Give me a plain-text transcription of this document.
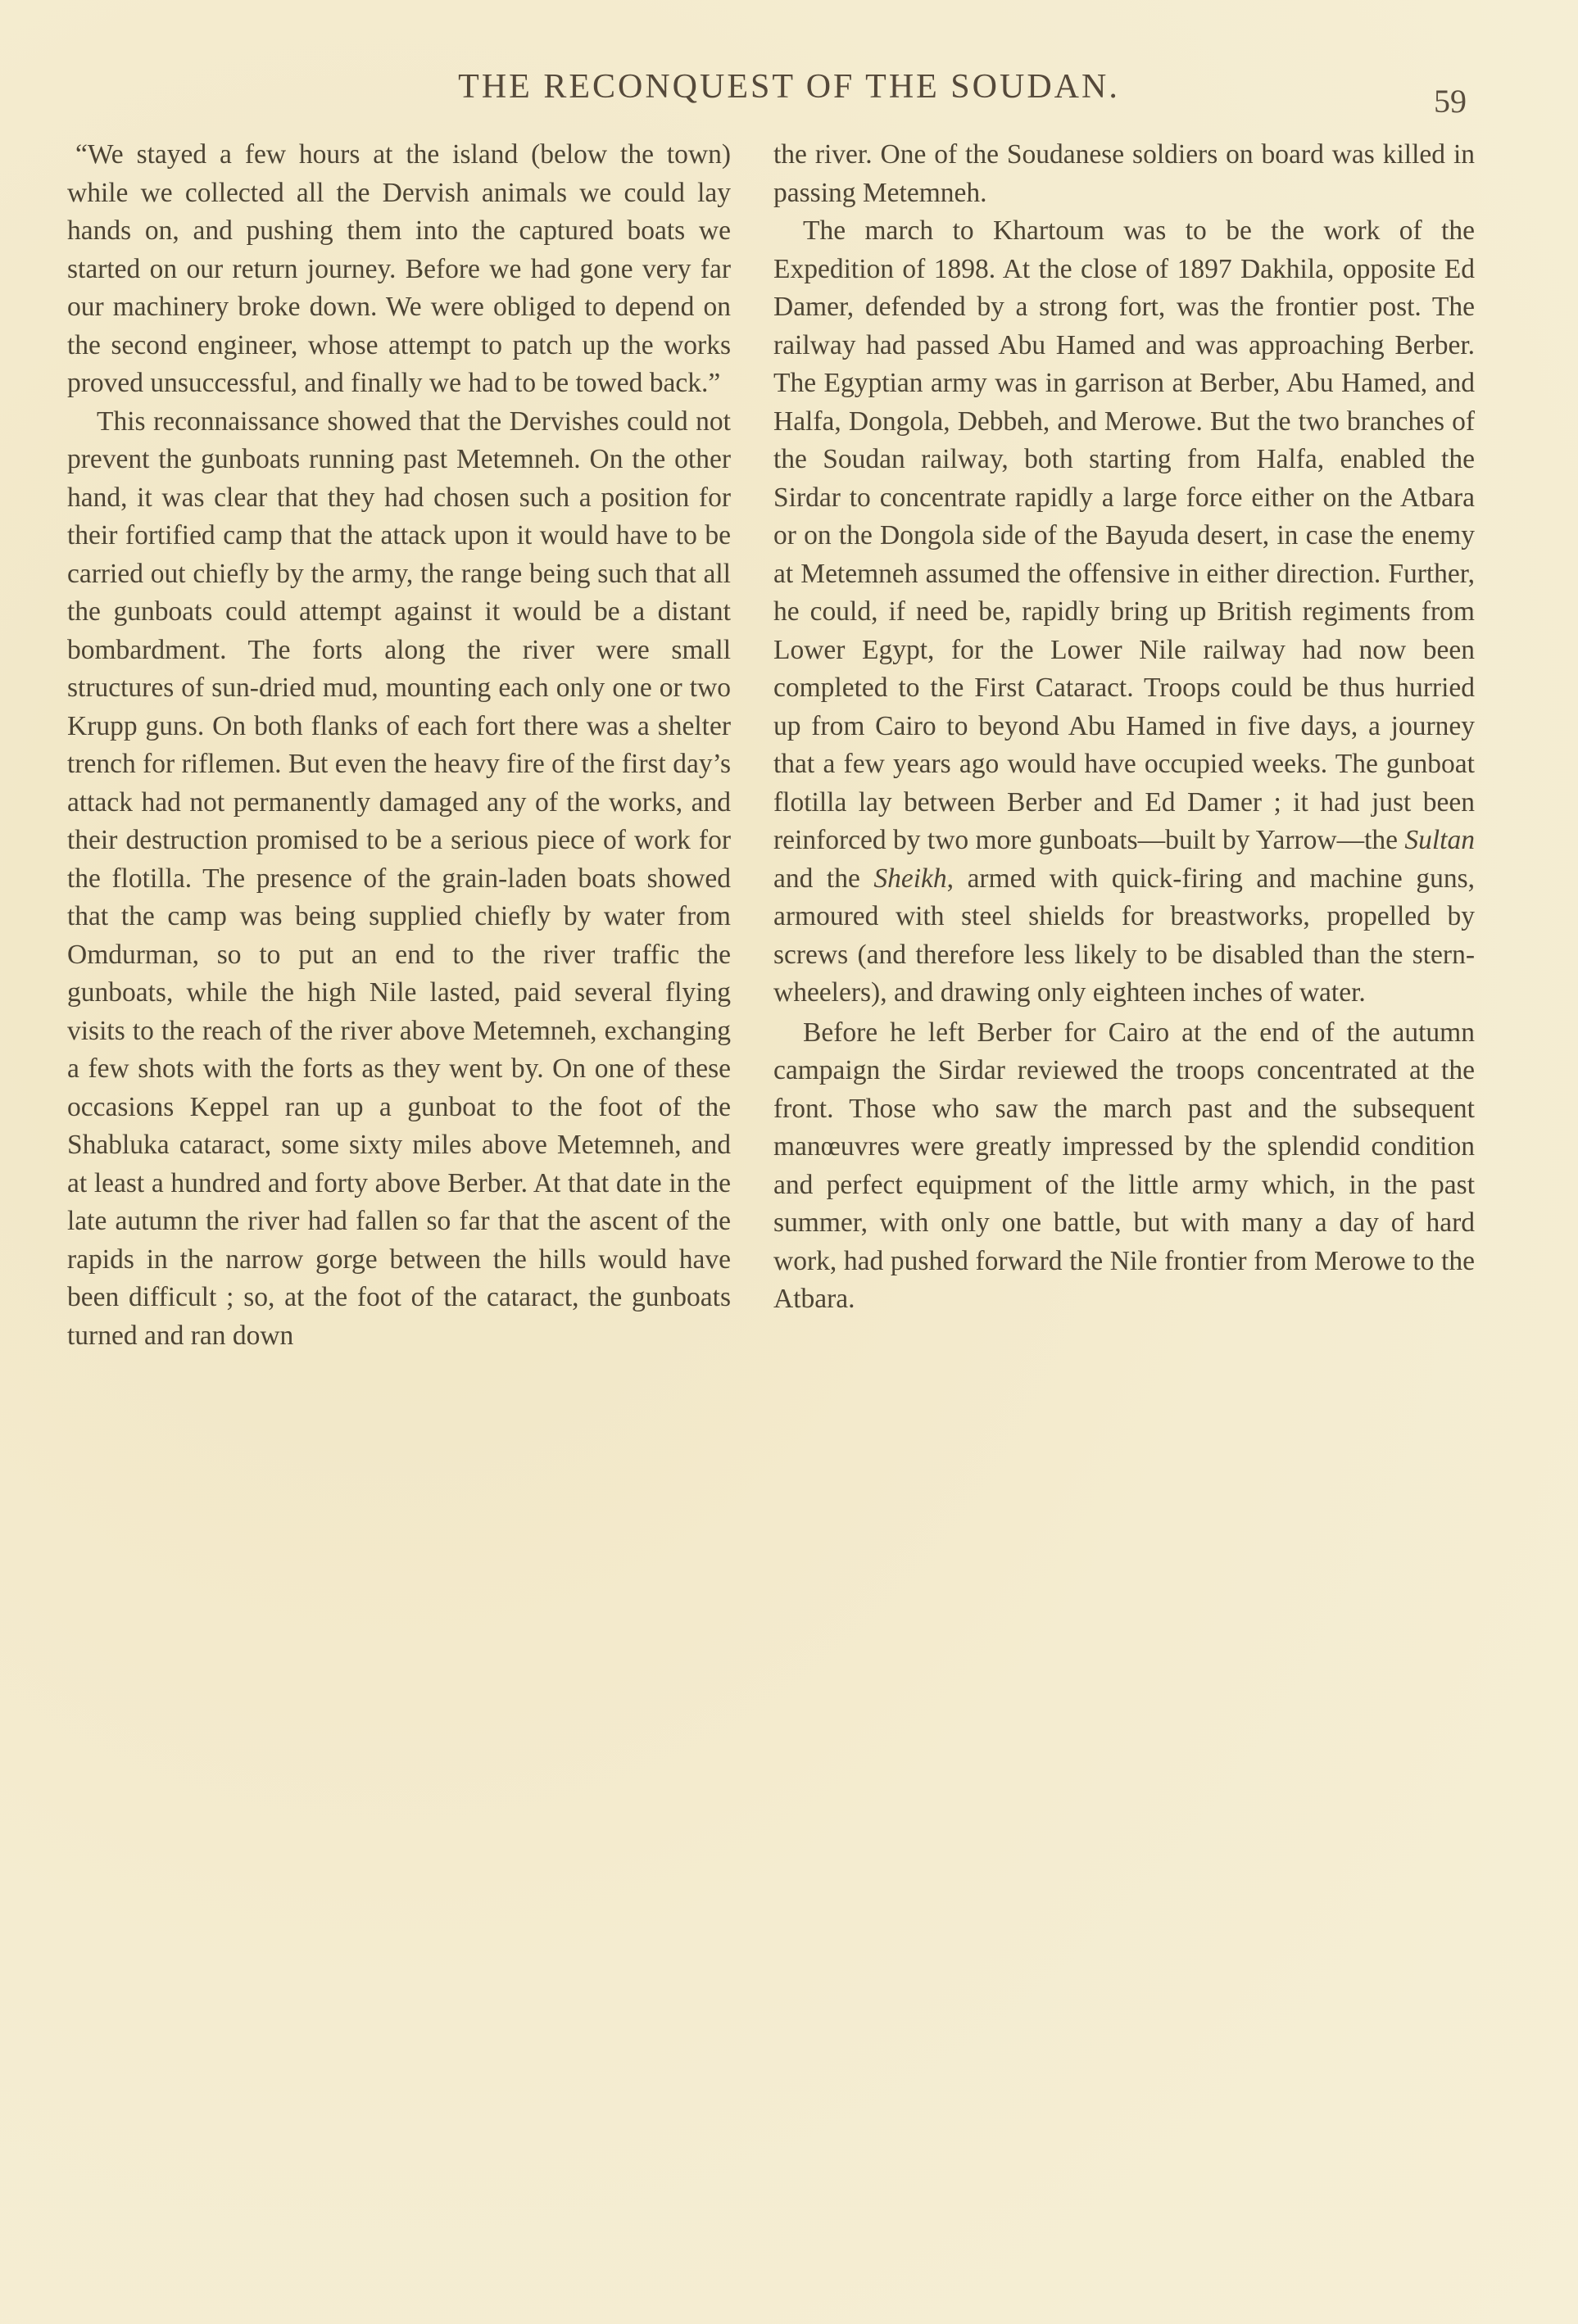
THE RECONQUEST OF THE SOUDAN.	59

“We stayed a few hours at the island (below the town) while we collected all the Dervish animals we could lay hands on, and pushing them into the captured boats we started on our return journey. Before we had gone very far our machinery broke down. We were obliged to depend on the second engineer, whose attempt to patch up the works proved unsuccessful, and finally we had to be towed back.”

This reconnaissance showed that the Dervishes could not prevent the gunboats running past Metemneh. On the other hand, it was clear that they had chosen such a position for their fortified camp that the attack upon it would have to be carried out chiefly by the army, the range being such that all the gunboats could attempt against it would be a distant bombardment. The forts along the river were small structures of sun-dried mud, mounting each only one or two Krupp guns. On both flanks of each fort there was a shelter trench for riflemen. But even the heavy fire of the first day’s attack had not permanently damaged any of the works, and their destruction promised to be a serious piece of work for the flotilla. The presence of the grain-laden boats showed that the camp was being supplied chiefly by water from Omdurman, so to put an end to the river traffic the gunboats, while the high Nile lasted, paid several flying visits to the reach of the river above Metemneh, exchanging a few shots with the forts as they went by. On one of these occasions Keppel ran up a gunboat to the foot of the Shabluka cataract, some sixty miles above Metemneh, and at least a hundred and forty above Berber. At that date in the late autumn the river had fallen so far that the ascent of the rapids in the narrow gorge between the hills would have been difficult ; so, at the foot of the cataract, the gunboats turned and ran down

the river. One of the Soudanese soldiers on board was killed in passing Metemneh.

The march to Khartoum was to be the work of the Expedition of 1898. At the close of 1897 Dakhila, opposite Ed Damer, defended by a strong fort, was the frontier post. The railway had passed Abu Hamed and was approaching Berber. The Egyptian army was in garrison at Berber, Abu Hamed, and Halfa, Dongola, Debbeh, and Merowe. But the two branches of the Soudan railway, both starting from Halfa, enabled the Sirdar to concentrate rapidly a large force either on the Atbara or on the Dongola side of the Bayuda desert, in case the enemy at Metemneh assumed the offensive in either direction. Further, he could, if need be, rapidly bring up British regiments from Lower Egypt, for the Lower Nile railway had now been completed to the First Cataract. Troops could be thus hurried up from Cairo to beyond Abu Hamed in five days, a journey that a few years ago would have occupied weeks. The gunboat flotilla lay between Berber and Ed Damer ; it had just been reinforced by two more gunboats—built by Yarrow—the Sultan and the Sheikh, armed with quick-firing and machine guns, armoured with steel shields for breastworks, propelled by screws (and therefore less likely to be disabled than the stern-wheelers), and drawing only eighteen inches of water.

Before he left Berber for Cairo at the end of the autumn campaign the Sirdar reviewed the troops concentrated at the front. Those who saw the march past and the subsequent manœuvres were greatly impressed by the splendid condition and perfect equipment of the little army which, in the past summer, with only one battle, but with many a day of hard work, had pushed forward the Nile frontier from Merowe to the Atbara.
